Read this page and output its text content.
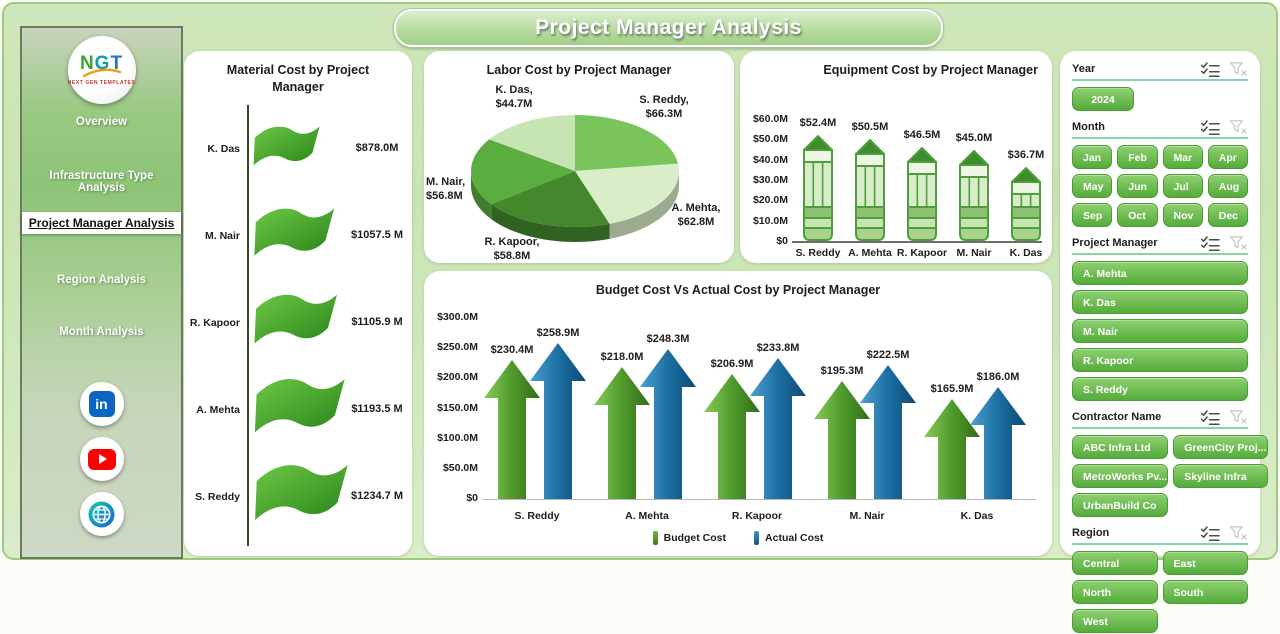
Project Manager Analysis
NGT
NEXT GEN TEMPLATES
Overview
Infrastructure Type Analysis
Project Manager Analysis
Region Analysis
Month Analysis
in
Material Cost by Project Manager
K. Das	$878.0M
M. Nair	$1057.5 M
R. Kapoor	$1105.9 M
A. Mehta	$1193.5 M
S. Reddy	$1234.7 M
Labor Cost by Project Manager
S. Reddy,
$66.3M
A. Mehta,
$62.8M
R. Kapoor,
$58.8M
M. Nair,
$56.8M
K. Das,
$44.7M
Equipment Cost by Project Manager
$0
$10.0M
$20.0M
$30.0M
$40.0M
$50.0M
$60.0M	$52.4M
S. Reddy
$50.5M
A. Mehta
$46.5M
R. Kapoor
$45.0M
M. Nair
$36.7M
K. Das
Budget Cost Vs Actual Cost by Project Manager
$0
$50.0M
$100.0M
$150.0M
$200.0M
$250.0M
$300.0M
$230.4M
$258.9M
S. Reddy
$218.0M
$248.3M
A. Mehta
$206.9M
$233.8M
R. Kapoor
$195.3M
$222.5M
M. Nair
$165.9M
$186.0M
K. Das
Budget Cost	Actual Cost
Year
2024
Month
Jan	Feb	Mar	Apr
May	Jun	Jul	Aug
Sep	Oct	Nov	Dec
Project Manager
A. Mehta
K. Das
M. Nair
R. Kapoor
S. Reddy
Contractor Name
ABC Infra Ltd	GreenCity Proj...
MetroWorks Pv...	Skyline Infra
UrbanBuild Co
Region
Central	East
North	South
West
